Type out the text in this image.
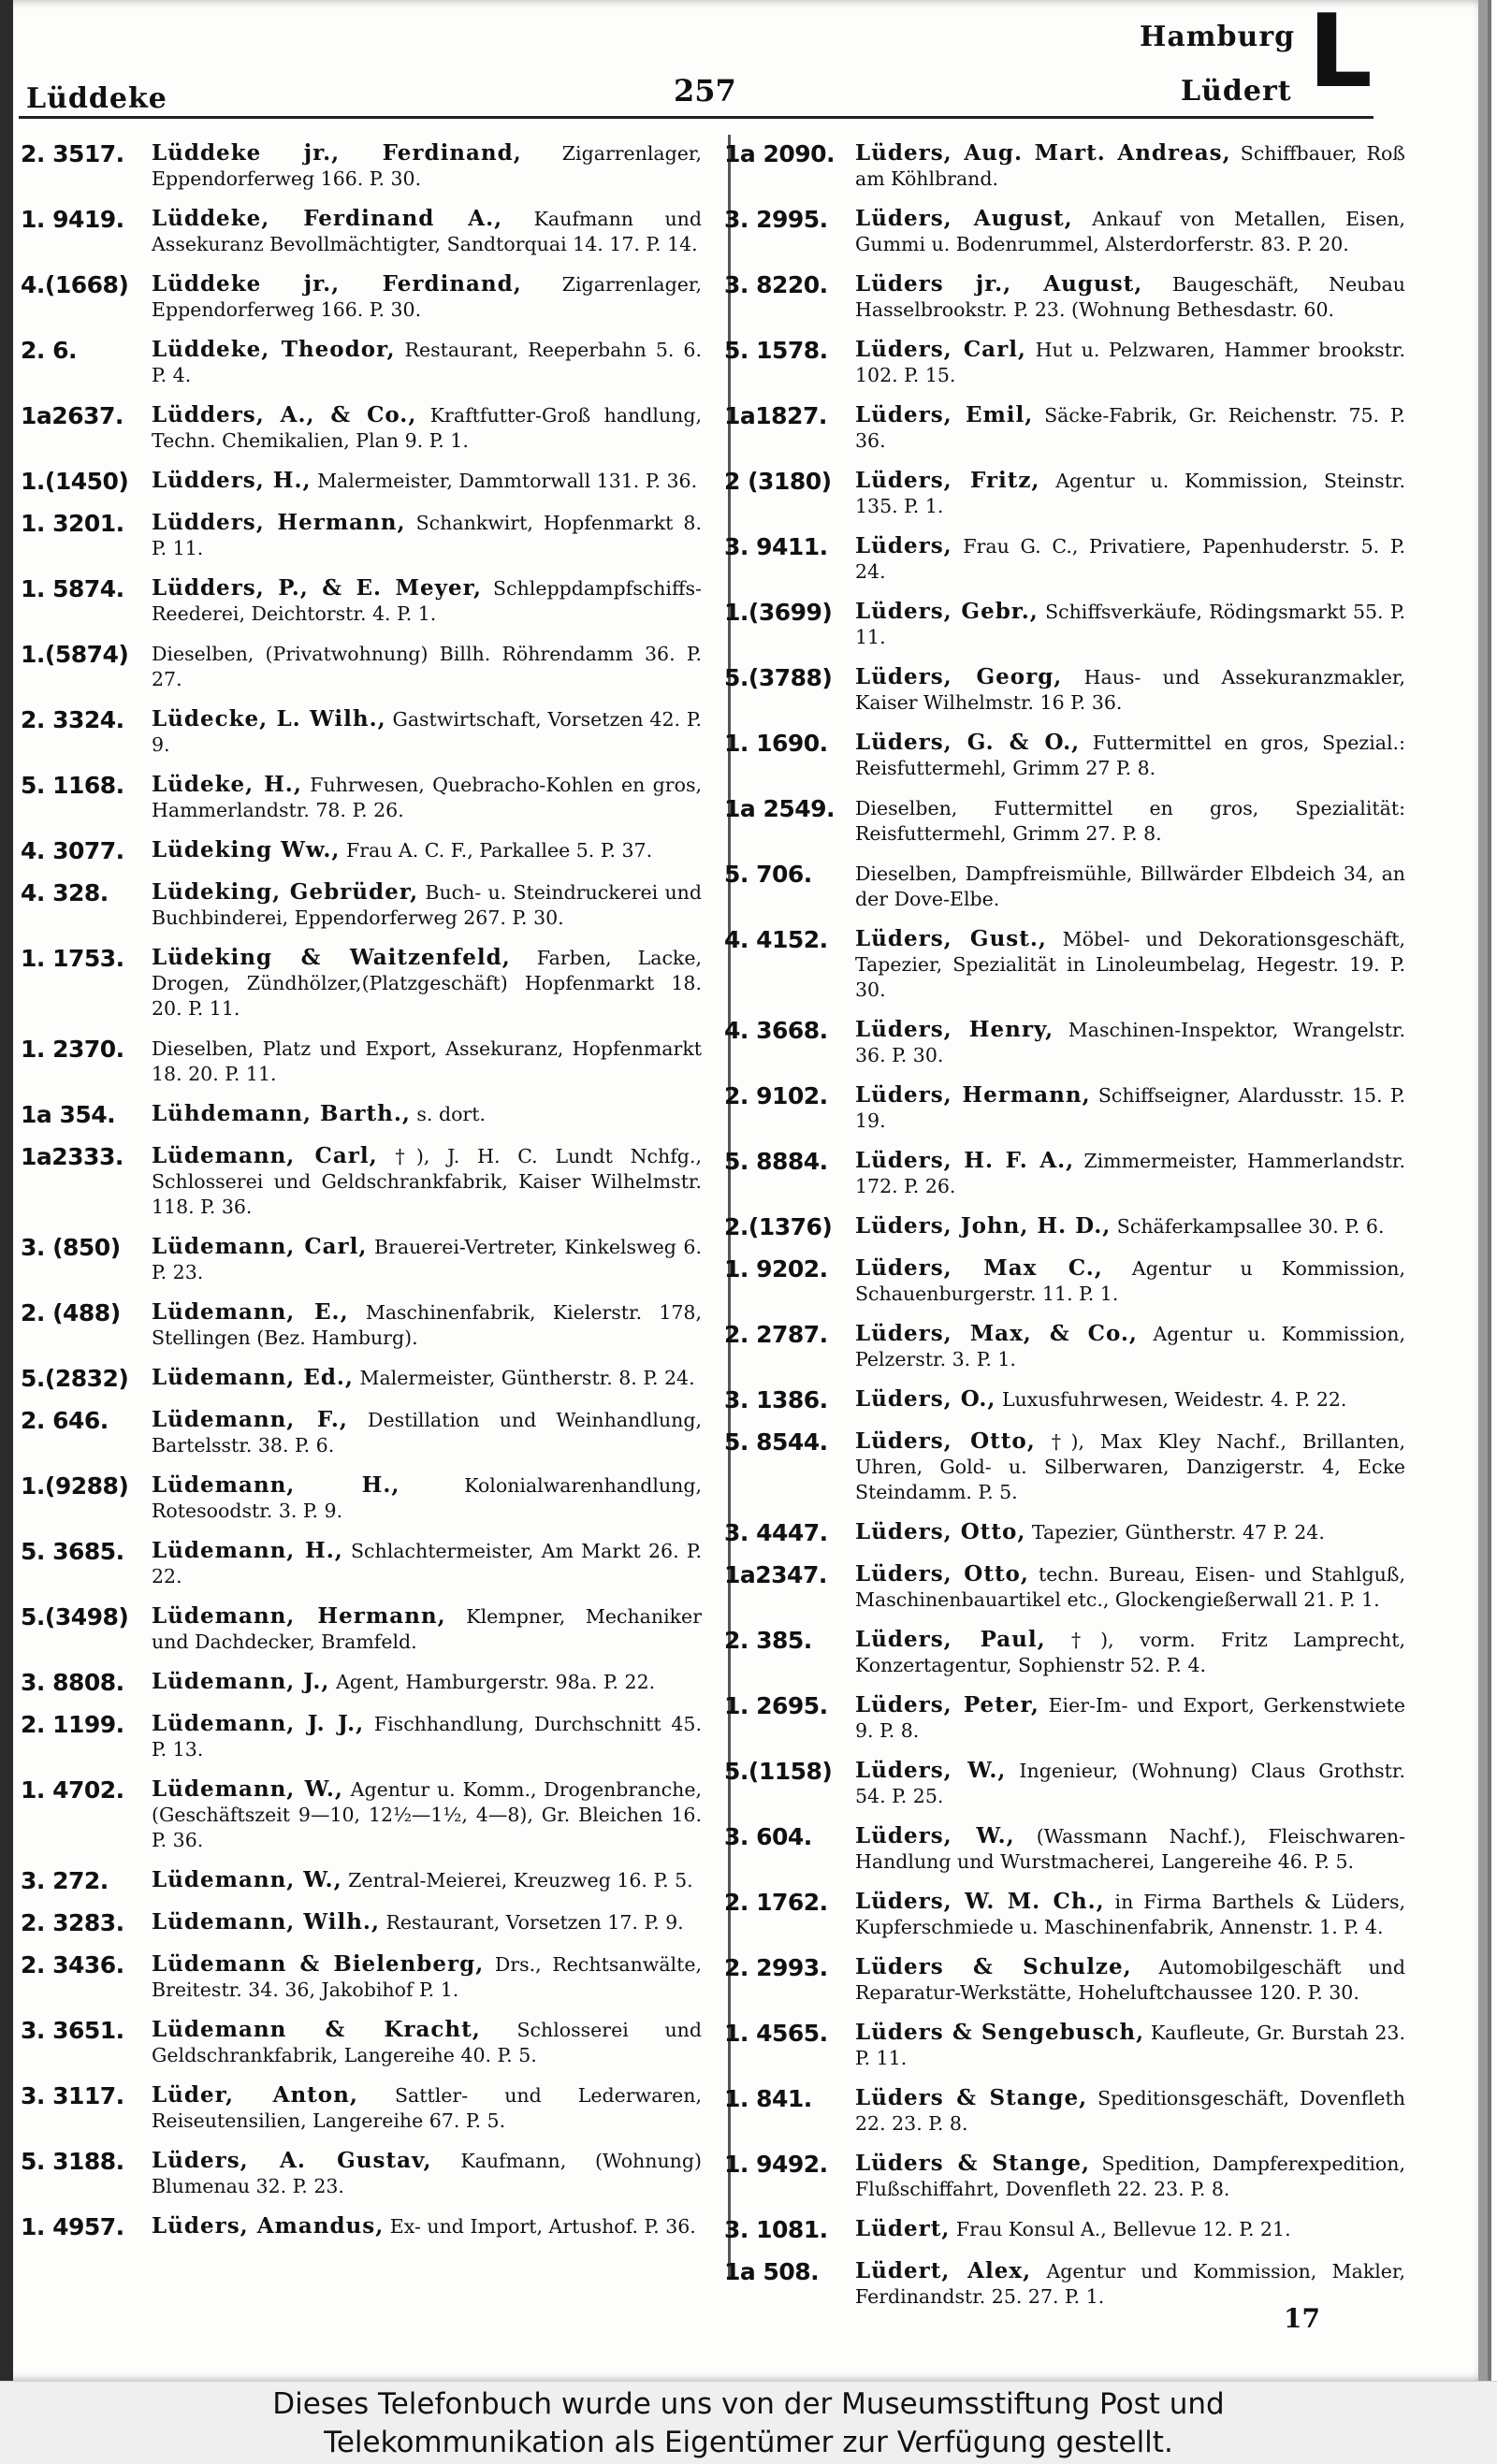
Lüddeke	257
Hamburg
Lüdert L
2. 3517.	Lüddeke jr., Ferdinand, Zigarrenlager, Eppendorferweg 166. P. 30.
1. 9419.	Lüddeke, Ferdinand A., Kaufmann und Assekuranz Bevollmächtigter, Sandtorquai 14. 17. P. 14.
4.(1668)	Lüddeke jr., Ferdinand, Zigarrenlager, Eppendorferweg 166. P. 30.
2. 6.	Lüddeke, Theodor, Restaurant, Reeperbahn 5. 6. P. 4.
1a2637.	Lüdders, A., & Co., Kraftfutter-Groß handlung, Techn. Chemikalien, Plan 9. P. 1.
1.(1450)	Lüdders, H., Malermeister, Dammtorwall 131. P. 36.
1. 3201.	Lüdders, Hermann, Schankwirt, Hopfenmarkt 8. P. 11.
1. 5874.	Lüdders, P., & E. Meyer, Schleppdampfschiffs-Reederei, Deichtorstr. 4. P. 1.
1.(5874)	Dieselben, (Privatwohnung) Billh. Röhrendamm 36. P. 27.
2. 3324.	Lüdecke, L. Wilh., Gastwirtschaft, Vorsetzen 42. P. 9.
5. 1168.	Lüdeke, H., Fuhrwesen, Quebracho-Kohlen en gros, Hammerlandstr. 78. P. 26.
4. 3077.	Lüdeking Ww., Frau A. C. F., Parkallee 5. P. 37.
4. 328.	Lüdeking, Gebrüder, Buch- u. Steindruckerei und Buchbinderei, Eppendorferweg 267. P. 30.
1. 1753.	Lüdeking & Waitzenfeld, Farben, Lacke, Drogen, Zündhölzer,(Platzgeschäft) Hopfenmarkt 18. 20. P. 11.
1. 2370.	Dieselben, Platz und Export, Assekuranz, Hopfenmarkt 18. 20. P. 11.
1a 354.	Lühdemann, Barth., s. dort.
1a2333.	Lüdemann, Carl, †), J. H. C. Lundt Nchfg., Schlosserei und Geldschrankfabrik, Kaiser Wilhelmstr. 118. P. 36.
3. (850)	Lüdemann, Carl, Brauerei-Vertreter, Kinkelsweg 6. P. 23.
2. (488)	Lüdemann, E., Maschinenfabrik, Kielerstr. 178, Stellingen (Bez. Hamburg).
5.(2832)	Lüdemann, Ed., Malermeister, Güntherstr. 8. P. 24.
2. 646.	Lüdemann, F., Destillation und Weinhandlung, Bartelsstr. 38. P. 6.
1.(9288)	Lüdemann, H.,	Kolonialwarenhandlung, Rotesoodstr. 3. P. 9.
5. 3685.	Lüdemann, H., Schlachtermeister, Am Markt 26. P. 22.
5.(3498)	Lüdemann, Hermann, Klempner, Mechaniker und Dachdecker, Bramfeld.
3. 8808.	Lüdemann, J., Agent, Hamburgerstr. 98a. P. 22.
2. 1199.	Lüdemann, J. J., Fischhandlung, Durchschnitt 45. P. 13.
1. 4702.	Lüdemann, W., Agentur u. Komm., Drogenbranche, (Geschäftszeit 9—10, 12½—1½, 4—8), Gr. Bleichen 16. P. 36.
3. 272.	Lüdemann, W., Zentral-Meierei, Kreuzweg 16. P. 5.
2. 3283.	Lüdemann, Wilh., Restaurant, Vorsetzen 17. P. 9.
2. 3436.	Lüdemann & Bielenberg, Drs., Rechtsanwälte, Breitestr. 34. 36, Jakobihof P. 1.
3. 3651.	Lüdemann & Kracht, Schlosserei und Geldschrankfabrik, Langereihe 40. P. 5.
3. 3117.	Lüder, Anton, Sattler- und Lederwaren, Reiseutensilien, Langereihe 67. P. 5.
5. 3188.	Lüders, A. Gustav, Kaufmann, (Wohnung) Blumenau 32. P. 23.
1. 4957.	Lüders, Amandus, Ex- und Import, Artushof. P. 36.
1a 2090. Lüders, Aug. Mart. Andreas, Schiffbauer, Roß am Köhlbrand.
3. 2995.	Lüders, August, Ankauf von Metallen, Eisen, Gummi u. Bodenrummel, Alsterdorferstr. 83. P. 20.
3. 8220.	Lüders jr., August, Baugeschäft, Neubau Hasselbrookstr. P. 23. (Wohnung Bethesdastr. 60.
5. 1578.	Lüders, Carl, Hut u. Pelzwaren, Hammer brookstr. 102. P. 15.
1a1827.	Lüders, Emil, Säcke-Fabrik, Gr. Reichenstr. 75. P. 36.
2 (3180)	Lüders, Fritz, Agentur u. Kommission, Steinstr. 135. P. 1.
3. 9411.	Lüders, Frau G. C., Privatiere, Papenhuderstr. 5. P. 24.
1.(3699)	Lüders, Gebr., Schiffsverkäufe, Rödingsmarkt 55. P. 11.
5.(3788)	Lüders, Georg, Haus- und Assekuranzmakler, Kaiser Wilhelmstr. 16 P. 36.
1. 1690.	Lüders, G. & O., Futtermittel en gros, Spezial.: Reisfuttermehl, Grimm 27 P. 8.
1a 2549.	Dieselben, Futtermittel en gros, Spezialität: Reisfuttermehl, Grimm 27. P. 8.
5. 706.	Dieselben, Dampfreismühle, Billwärder Elbdeich 34, an der Dove-Elbe.
4. 4152.	Lüders, Gust., Möbel- und Dekorationsgeschäft, Tapezier, Spezialität in Linoleumbelag, Hegestr. 19. P. 30.
4. 3668.	Lüders, Henry, Maschinen-Inspektor, Wrangelstr. 36. P. 30.
2. 9102.	Lüders, Hermann, Schiffseigner, Alardusstr. 15. P. 19.
5. 8884.	Lüders, H. F. A., Zimmermeister, Hammerlandstr. 172. P. 26.
2.(1376)	Lüders, John, H. D., Schäferkampsallee 30. P. 6.
1. 9202.	Lüders, Max C., Agentur u Kommission, Schauenburgerstr. 11. P. 1.
2. 2787.	Lüders, Max, & Co., Agentur u. Kommission, Pelzerstr. 3. P. 1.
3. 1386.	Lüders, O., Luxusfuhrwesen, Weidestr. 4. P. 22.
5. 8544.	Lüders, Otto, †), Max Kley Nachf., Brillanten, Uhren, Gold- u. Silberwaren, Danzigerstr. 4, Ecke Steindamm. P. 5.
3. 4447.	Lüders, Otto, Tapezier, Güntherstr. 47 P. 24.
1a2347.	Lüders, Otto, techn. Bureau, Eisen- und Stahlguß, Maschinenbauartikel etc., Glockengießerwall 21. P. 1.
2. 385.	Lüders, Paul, †), vorm. Fritz Lamprecht, Konzertagentur, Sophienstr 52. P. 4.
1. 2695.	Lüders, Peter, Eier-Im- und Export, Gerkenstwiete 9. P. 8.
5.(1158)	Lüders, W., Ingenieur, (Wohnung) Claus Grothstr. 54. P. 25.
3. 604.	Lüders, W., (Wassmann Nachf.), Fleischwaren-Handlung und Wurstmacherei, Langereihe 46. P. 5.
2. 1762.	Lüders, W. M. Ch., in Firma Barthels & Lüders, Kupferschmiede u. Maschinenfabrik, Annenstr. 1. P. 4.
2. 2993.	Lüders & Schulze, Automobilgeschäft und Reparatur-Werkstätte, Hoheluftchaussee 120. P. 30.
1. 4565.	Lüders & Sengebusch, Kaufleute, Gr. Burstah 23. P. 11.
1. 841.	Lüders & Stange, Speditionsgeschäft, Dovenfleth 22. 23. P. 8.
1. 9492.	Lüders & Stange, Spedition, Dampferexpedition, Flußschiffahrt, Dovenfleth 22. 23. P. 8.
3. 1081.	Lüdert, Frau Konsul A., Bellevue 12. P. 21.
1a 508.	Lüdert, Alex, Agentur und Kommission, Makler, Ferdinandstr. 25. 27. P. 1.
17
Dieses Telefonbuch wurde uns von der Museumsstiftung Post und
Telekommunikation als Eigentümer zur Verfügung gestellt.
